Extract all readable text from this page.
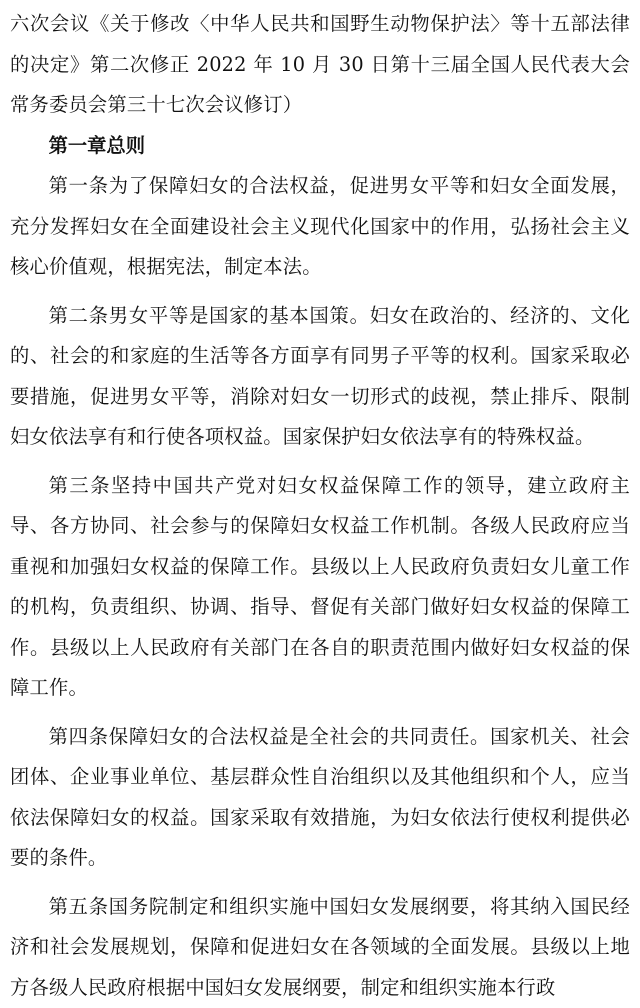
六次会议《关于修改〈中华人民共和国野生动物保护法〉等十五部法律的决定》第二次修正 2022 年 10 月 30 日第十三届全国人民代表大会常务委员会第三十七次会议修订）

第一章总则

第一条为了保障妇女的合法权益，促进男女平等和妇女全面发展，充分发挥妇女在全面建设社会主义现代化国家中的作用，弘扬社会主义核心价值观，根据宪法，制定本法。

第二条男女平等是国家的基本国策。妇女在政治的、经济的、文化的、社会的和家庭的生活等各方面享有同男子平等的权利。国家采取必要措施，促进男女平等，消除对妇女一切形式的歧视，禁止排斥、限制妇女依法享有和行使各项权益。国家保护妇女依法享有的特殊权益。

第三条坚持中国共产党对妇女权益保障工作的领导，建立政府主导、各方协同、社会参与的保障妇女权益工作机制。各级人民政府应当重视和加强妇女权益的保障工作。县级以上人民政府负责妇女儿童工作的机构，负责组织、协调、指导、督促有关部门做好妇女权益的保障工作。县级以上人民政府有关部门在各自的职责范围内做好妇女权益的保障工作。

第四条保障妇女的合法权益是全社会的共同责任。国家机关、社会团体、企业事业单位、基层群众性自治组织以及其他组织和个人，应当依法保障妇女的权益。国家采取有效措施，为妇女依法行使权利提供必要的条件。

第五条国务院制定和组织实施中国妇女发展纲要，将其纳入国民经济和社会发展规划，保障和促进妇女在各领域的全面发展。县级以上地方各级人民政府根据中国妇女发展纲要，制定和组织实施本行政
